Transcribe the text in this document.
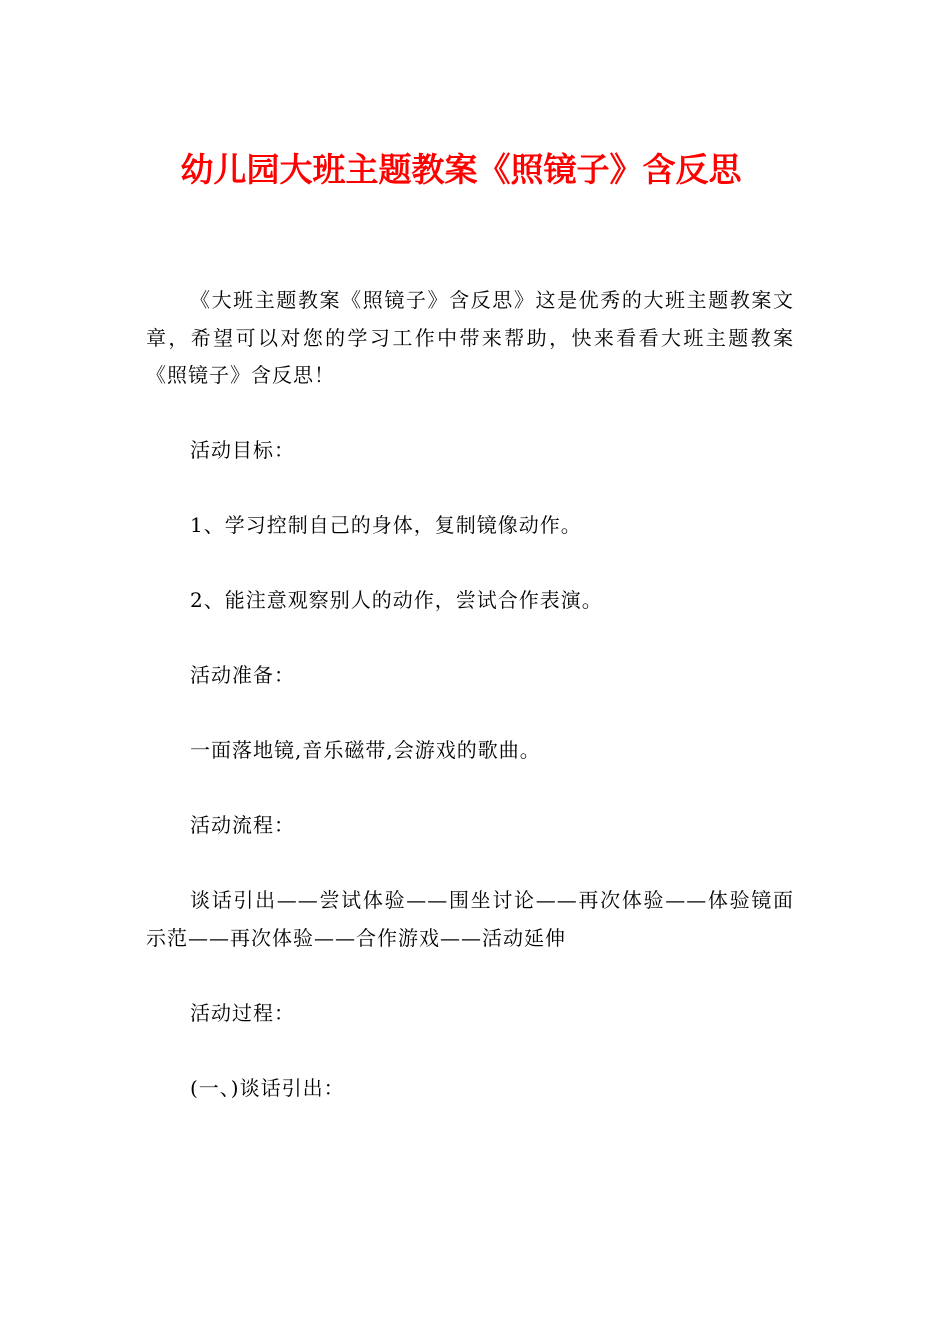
幼儿园大班主题教案《照镜子》含反思

《大班主题教案《照镜子》含反思》这是优秀的大班主题教案文章，希望可以对您的学习工作中带来帮助，快来看看大班主题教案《照镜子》含反思！

活动目标：

1、学习控制自己的身体，复制镜像动作。

2、能注意观察别人的动作，尝试合作表演。

活动准备：

一面落地镜,音乐磁带,会游戏的歌曲。

活动流程：

谈话引出——尝试体验——围坐讨论——再次体验——体验镜面示范——再次体验——合作游戏——活动延伸

活动过程：

(一、)谈话引出：
